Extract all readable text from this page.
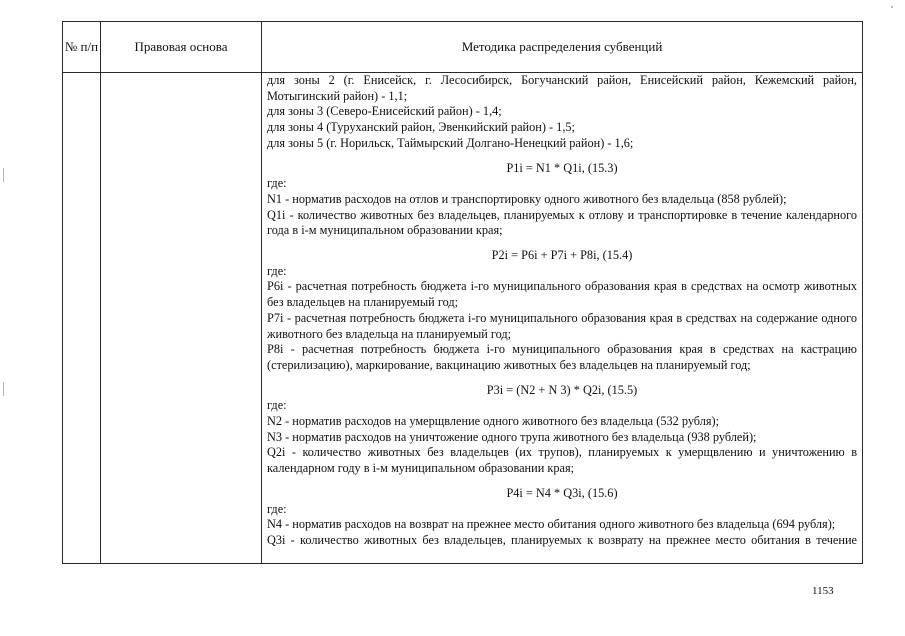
№ п/п	Правовая основа	Методика распределения субвенций

для зоны 2 (г. Енисейск, г. Лесосибирск, Богучанский район, Енисейский район, Кежемский район, Мотыгинский район) - 1,1;

для зоны 3 (Северо-Енисейский район) - 1,4;

для зоны 4 (Туруханский район, Эвенкийский район) - 1,5;

для зоны 5 (г. Норильск, Таймырский Долгано-Ненецкий район) - 1,6;

P1i = N1 * Q1i, (15.3)

где:

N1 - норматив расходов на отлов и транспортировку одного животного без владельца (858 рублей);

Q1i - количество животных без владельцев, планируемых к отлову и транспортировке в течение календарного года в i-м муниципальном образовании края;

P2i = P6i + P7i + P8i, (15.4)

где:

P6i - расчетная потребность бюджета i-го муниципального образования края в средствах на осмотр животных без владельцев на планируемый год;

P7i - расчетная потребность бюджета i-го муниципального образования края в средствах на содержание одного животного без владельца на планируемый год;

P8i - расчетная потребность бюджета i-го муниципального образования края в средствах на кастрацию (стерилизацию), маркирование, вакцинацию животных без владельцев на планируемый год;

P3i = (N2 + N 3) * Q2i, (15.5)

где:

N2 - норматив расходов на умерщвление одного животного без владельца (532 рубля);

N3 - норматив расходов на уничтожение одного трупа животного без владельца (938 рублей);

Q2i - количество животных без владельцев (их трупов), планируемых к умерщвлению и уничтожению в календарном году в i-м муниципальном образовании края;

P4i = N4 * Q3i, (15.6)

где:

N4 - норматив расходов на возврат на прежнее место обитания одного животного без владельца (694 рубля);

Q3i - количество животных без владельцев, планируемых к возврату на прежнее место обитания в течение

1153
